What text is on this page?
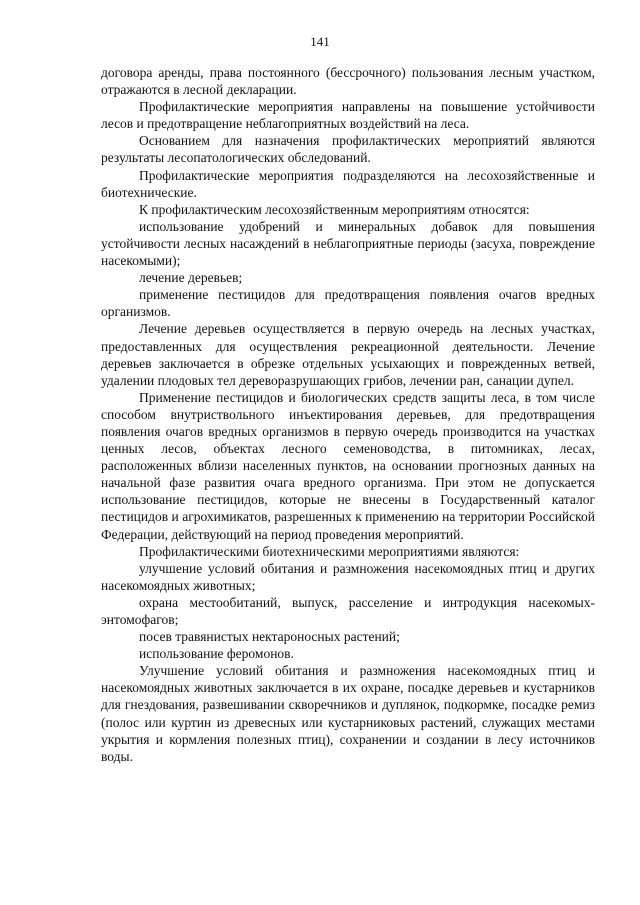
141

договора аренды, права постоянного (бессрочного) пользования лесным участком, отражаются в лесной декларации.

Профилактические мероприятия направлены на повышение устойчивости лесов и предотвращение неблагоприятных воздействий на леса.

Основанием для назначения профилактических мероприятий являются результаты лесопатологических обследований.

Профилактические мероприятия подразделяются на лесохозяйственные и биотехнические.

К профилактическим лесохозяйственным мероприятиям относятся:

использование удобрений и минеральных добавок для повышения устойчивости лесных насаждений в неблагоприятные периоды (засуха, повреждение насекомыми);

лечение деревьев;

применение пестицидов для предотвращения появления очагов вредных организмов.

Лечение деревьев осуществляется в первую очередь на лесных участках, предоставленных для осуществления рекреационной деятельности. Лечение деревьев заключается в обрезке отдельных усыхающих и поврежденных ветвей, удалении плодовых тел дереворазрушающих грибов, лечении ран, санации дупел.

Применение пестицидов и биологических средств защиты леса, в том числе способом внутриствольного инъектирования деревьев, для предотвращения появления очагов вредных организмов в первую очередь производится на участках ценных лесов, объектах лесного семеноводства, в питомниках, лесах, расположенных вблизи населенных пунктов, на основании прогнозных данных на начальной фазе развития очага вредного организма. При этом не допускается использование пестицидов, которые не внесены в Государственный каталог пестицидов и агрохимикатов, разрешенных к применению на территории Российской Федерации, действующий на период проведения мероприятий.

Профилактическими биотехническими мероприятиями являются:

улучшение условий обитания и размножения насекомоядных птиц и других насекомоядных животных;

охрана местообитаний, выпуск, расселение и интродукция насекомых-энтомофагов;

посев травянистых нектароносных растений;

использование феромонов.

Улучшение условий обитания и размножения насекомоядных птиц и насекомоядных животных заключается в их охране, посадке деревьев и кустарников для гнездования, развешивании скворечников и дуплянок, подкормке, посадке ремиз (полос или куртин из древесных или кустарниковых растений, служащих местами укрытия и кормления полезных птиц), сохранении и создании в лесу источников воды.
